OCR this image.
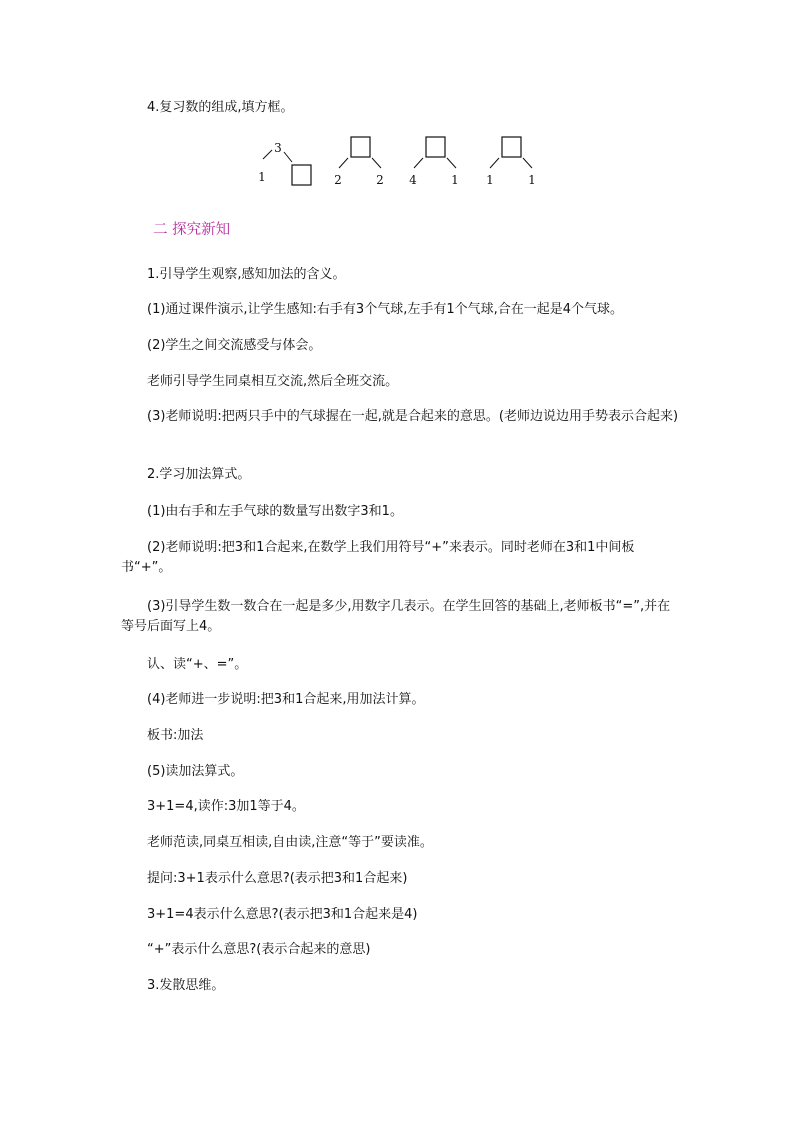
4.复习数的组成,填方框。
3
1	2	2 4	1 1	1
二 探究新知
1.引导学生观察,感知加法的含义。
(1)通过课件演示,让学生感知:右手有3个气球,左手有1个气球,合在一起是4个气球。
(2)学生之间交流感受与体会。
老师引导学生同桌相互交流,然后全班交流。
(3)老师说明:把两只手中的气球握在一起,就是合起来的意思。(老师边说边用手势表示合起来)
2.学习加法算式。
(1)由右手和左手气球的数量写出数字3和1。
(2)老师说明:把3和1合起来,在数学上我们用符号“+”来表示。同时老师在3和1中间板书“+”。
(3)引导学生数一数合在一起是多少,用数字几表示。在学生回答的基础上,老师板书“=”,并在等号后面写上4。
认、读“+、=”。
(4)老师进一步说明:把3和1合起来,用加法计算。
板书:加法
(5)读加法算式。
3+1=4,读作:3加1等于4。
老师范读,同桌互相读,自由读,注意“等于”要读准。
提问:3+1表示什么意思?(表示把3和1合起来)
3+1=4表示什么意思?(表示把3和1合起来是4)
“+”表示什么意思?(表示合起来的意思)
3.发散思维。
